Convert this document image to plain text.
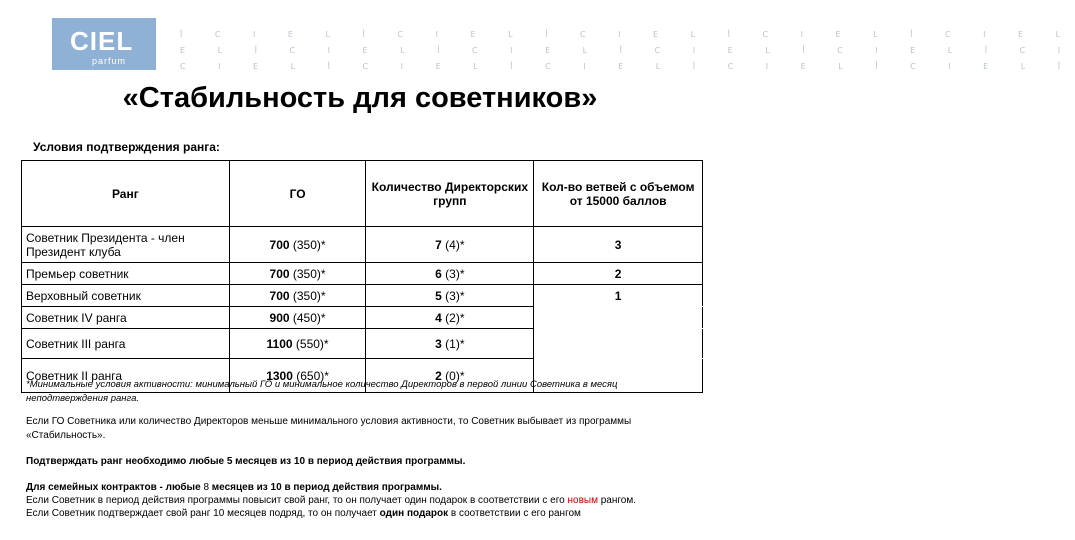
ꟾ C I E L ꟾ C I E L ꟾ C I E L ꟾ C I E L ꟾ C I E L
E L ꟾ C I E L ꟾ C I E L ꟾ C I E L ꟾ C I E L ꟾ C I
C I E L ꟾ C I E L ꟾ C I E L ꟾ C I E L ꟾ C I E L ꟾ
CIEL
parfum
«Стабильность для советников»
Условия подтверждения ранга:
Ранг	ГО	Количество Директорских групп	Кол-во ветвей с объемом от 15000 баллов
Советник Президента - член Президент клуба	700 (350)*	7 (4)*	3
Премьер советник	700 (350)*	6 (3)*	2
Верховный советник	700 (350)*	5 (3)*	1
Советник IV ранга	900 (450)*	4 (2)*	
Советник III ранга	1100 (550)*	3 (1)*	
Советник II ранга	1300 (650)*	2 (0)*	
*Минимальные условия активности: минимальный ГО и минимальное количество Директоров в первой линии Советника в месяц неподтверждения ранга.
Если ГО Советника или количество Директоров меньше минимального условия активности, то Советник выбывает из программы «Стабильность».
Подтверждать ранг необходимо любые 5 месяцев из 10 в период действия программы.
Для семейных контрактов - любые 8 месяцев из 10 в период действия программы.
Если Советник в период действия программы повысит свой ранг, то он получает один подарок в соответствии с его новым рангом.
Если Советник подтверждает свой ранг 10 месяцев подряд, то он получает один подарок в соответствии с его рангом
